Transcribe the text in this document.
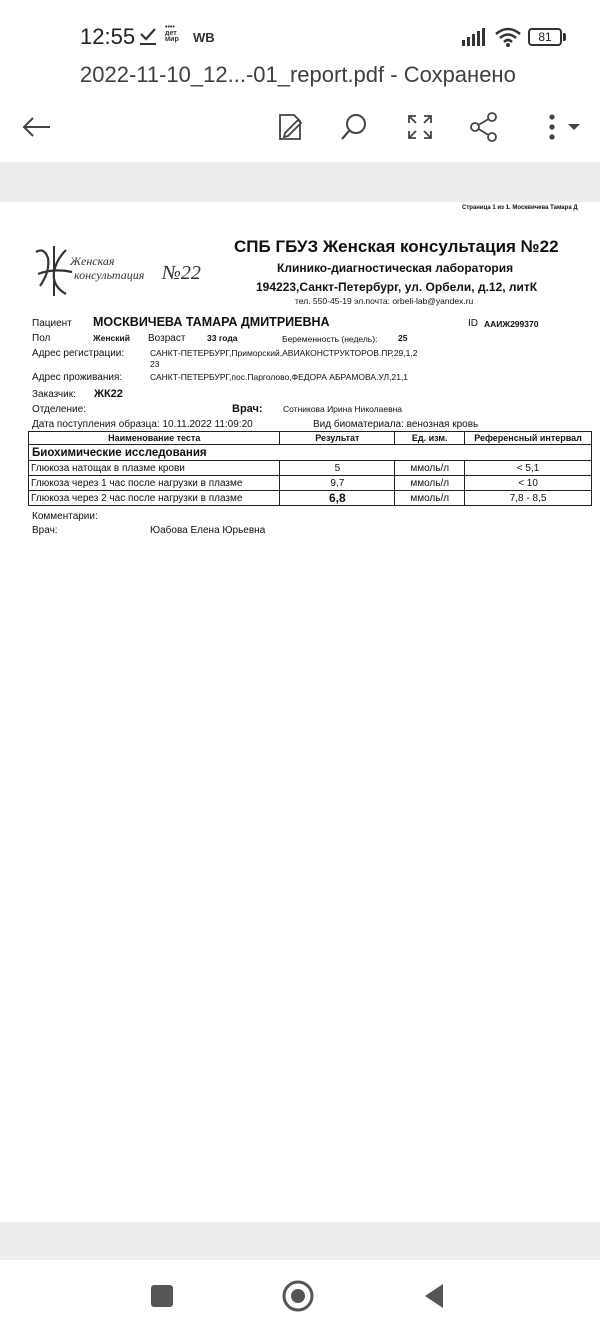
12:55	••••
дет
мир	WB	81
2022-11-10_12...-01_report.pdf - Сохранено
Страница 1 из 1. Москвичева Тамара Д
Женская
консультация №22
СПБ ГБУЗ Женская консультация №22
Клинико-диагностическая лаборатория
194223,Санкт-Петербург, ул. Орбели, д.12, литК
тел. 550-45-19 эл.почта: orbeli-lab@yandex.ru
Пациент МОСКВИЧЕВА ТАМАРА ДМИТРИЕВНА	ID ААИЖ299370
Пол	Женский Возраст	33 года	Беременность (недель): 25
Адрес регистрации:	САНКТ-ПЕТЕРБУРГ,Приморский,АВИАКОНСТРУКТОРОВ.ПР,29,1,2
23
Адрес проживания:	САНКТ-ПЕТЕРБУРГ,пос.Парголово,ФЕДОРА АБРАМОВА.УЛ,21,1
Заказчик: ЖК22
Отделение:	Врач: Сотникова Ирина Николаевна
Дата поступления образца: 10.11.2022 11:09:20	Вид биоматериала: венозная кровь
Наименование теста	Результат	Ед. изм.	Референсный интервал
Биохимические исследования			
Глюкоза натощак в плазме крови	5	ммоль/л	< 5,1
Глюкоза через 1 час после нагрузки в плазме	9,7	ммоль/л	< 10
Глюкоза через 2 час после нагрузки в плазме	6,8	ммоль/л	7,8 - 8,5
Комментарии:
Врач:	Юабова Елена Юрьевна
